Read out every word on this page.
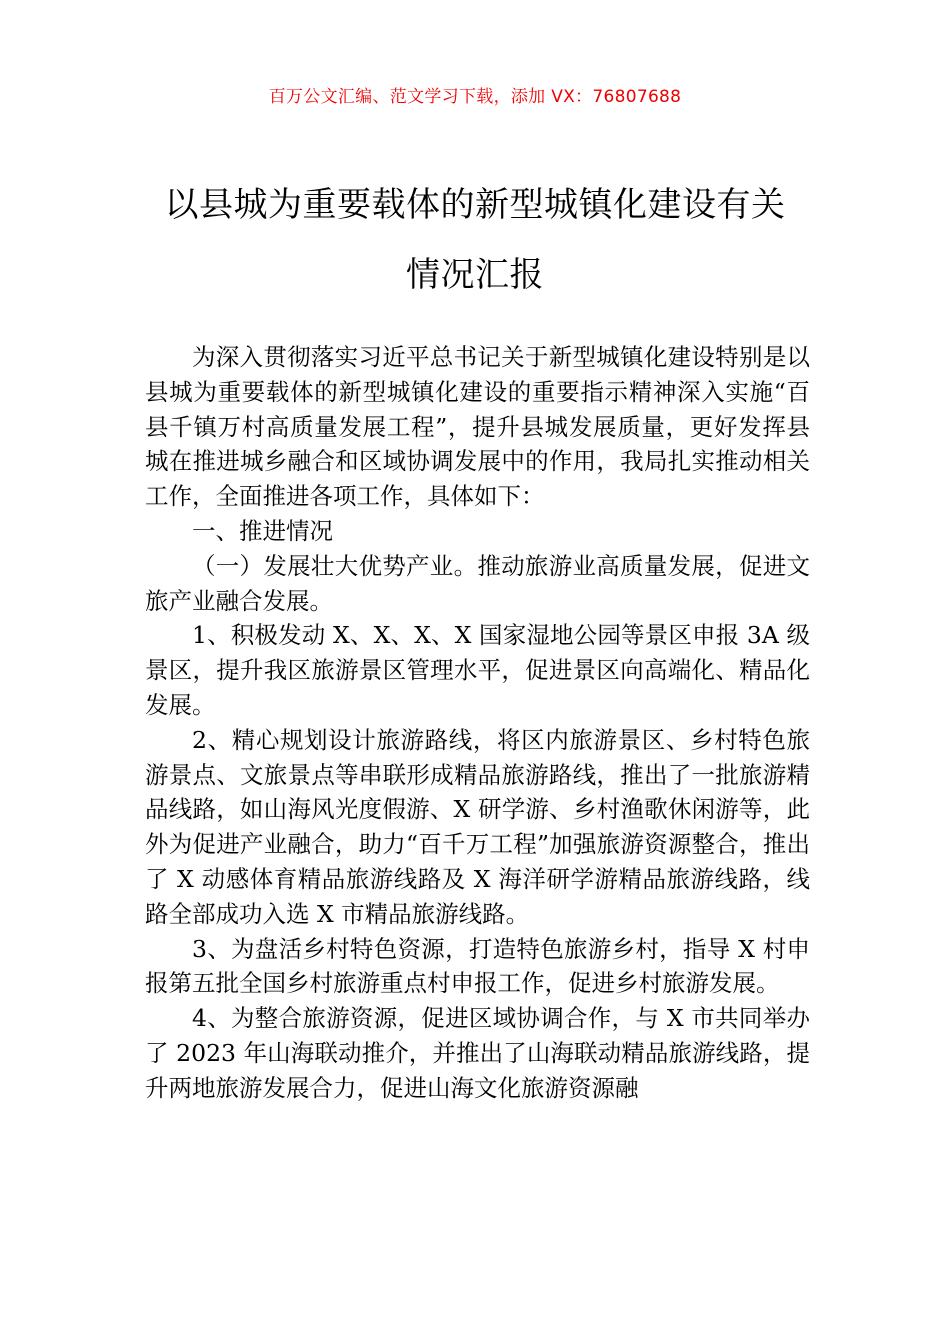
百万公文汇编、范文学习下载，添加 VX：76807688
以县城为重要载体的新型城镇化建设有关
情况汇报

为深入贯彻落实习近平总书记关于新型城镇化建设特别是以县城为重要载体的新型城镇化建设的重要指示精神深入实施“百县千镇万村高质量发展工程”，提升县城发展质量，更好发挥县城在推进城乡融合和区域协调发展中的作用，我局扎实推动相关工作，全面推进各项工作，具体如下：

一、推进情况

（一）发展壮大优势产业。推动旅游业高质量发展，促进文旅产业融合发展。

1、积极发动 X、X、X、X 国家湿地公园等景区申报 3A 级景区，提升我区旅游景区管理水平，促进景区向高端化、精品化发展。

2、精心规划设计旅游路线，将区内旅游景区、乡村特色旅游景点、文旅景点等串联形成精品旅游路线，推出了一批旅游精品线路，如山海风光度假游、X 研学游、乡村渔歌休闲游等，此外为促进产业融合，助力“百千万工程”加强旅游资源整合，推出了 X 动感体育精品旅游线路及 X 海洋研学游精品旅游线路，线路全部成功入选 X 市精品旅游线路。

3、为盘活乡村特色资源，打造特色旅游乡村，指导 X 村申报第五批全国乡村旅游重点村申报工作，促进乡村旅游发展。

4、为整合旅游资源，促进区域协调合作，与 X 市共同举办了 2023 年山海联动推介，并推出了山海联动精品旅游线路，提升两地旅游发展合力，促进山海文化旅游资源融
